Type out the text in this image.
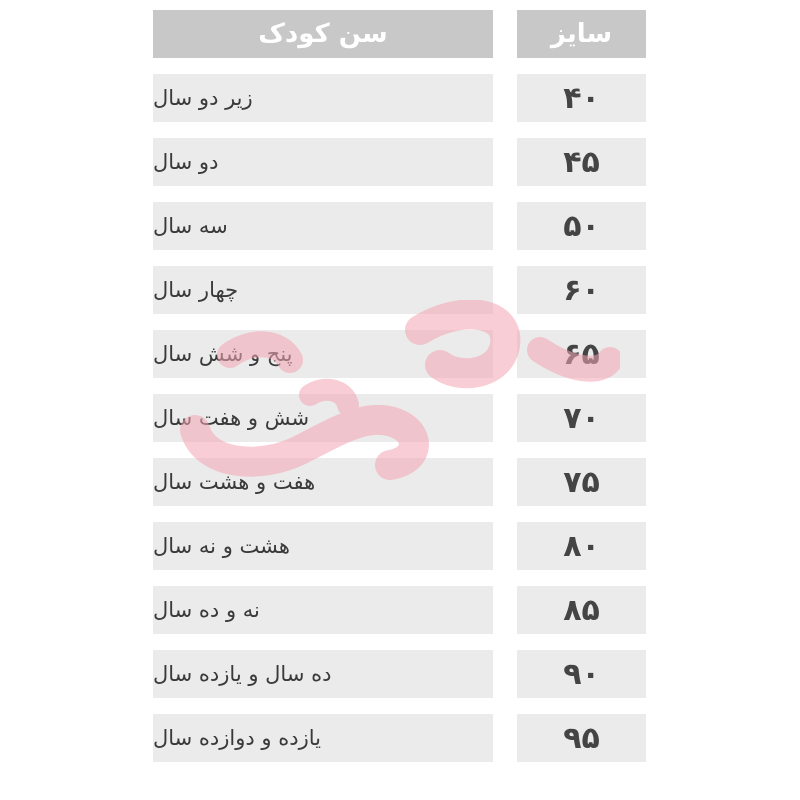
سن کودک	سایز
زیر دو سال	۴۰
دو سال	۴۵
سه سال	۵۰
چهار سال	۶۰
پنج و شش سال	۶۵
شش و هفت سال	۷۰
هفت و هشت سال	۷۵
هشت و نه سال	۸۰
نه و ده سال	۸۵
ده سال و یازده سال	۹۰
یازده و دوازده سال	۹۵
